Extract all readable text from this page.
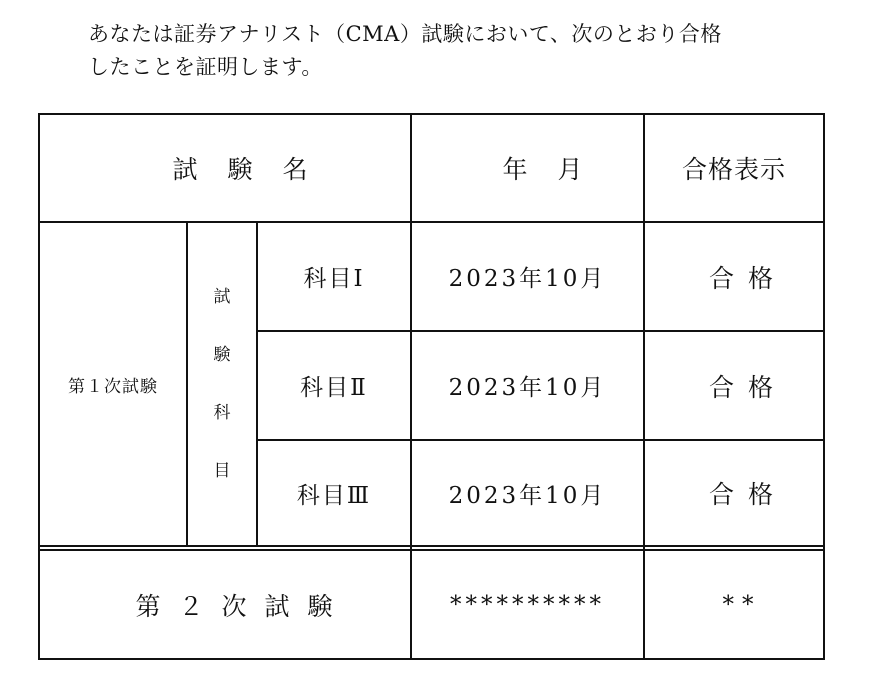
あなたは証券アナリスト（CMA）試験において、次のとおり合格
したことを証明します。
試験名	年月	合格表示
第１次試験
試
験
科
目
科目Ⅰ	2023年10月	合格
科目Ⅱ	2023年10月	合格
科目Ⅲ	2023年10月	合格
第２次試験	**********	**
